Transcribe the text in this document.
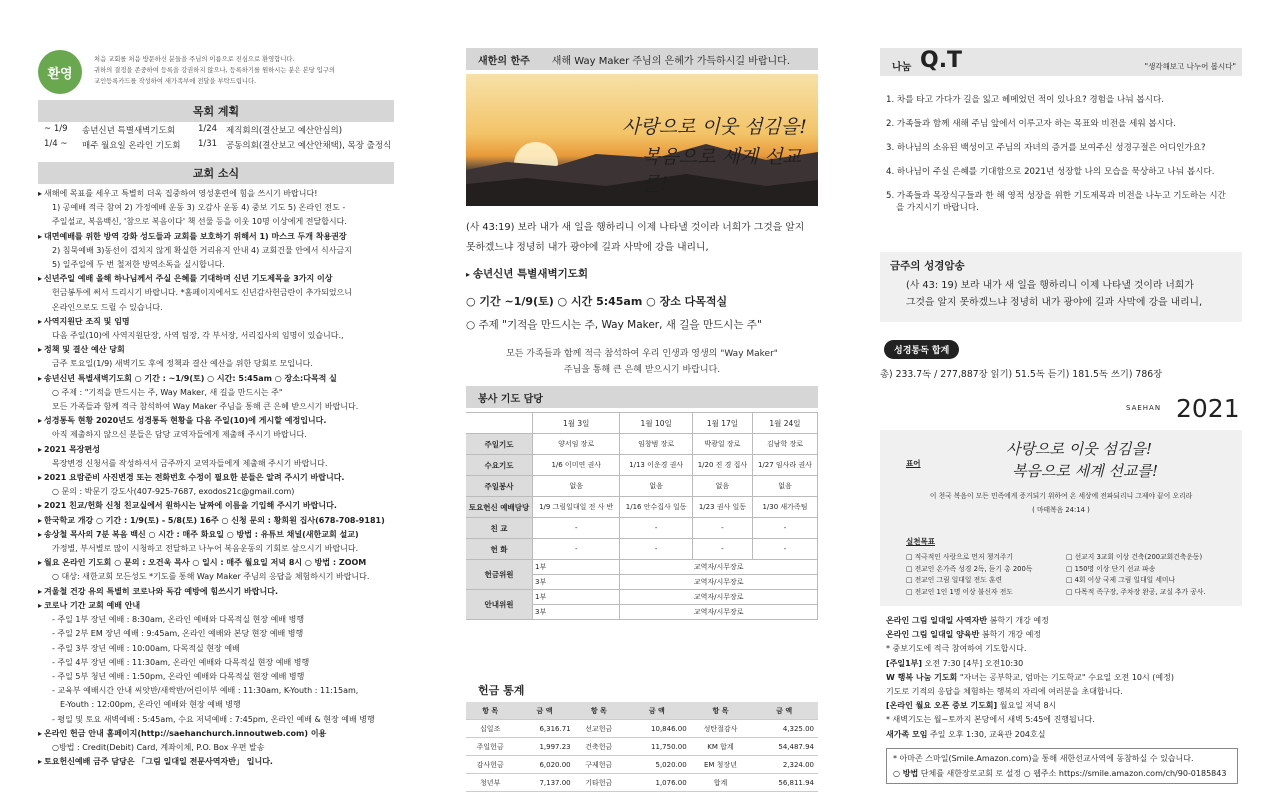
환영
처음 교회를 처음 방문하신 분들을 주님의 이름으로 진심으로 환영합니다.
귀하의 결정을 존중하여 등록을 강권하지 않으나, 등록하기를 원하시는 분은 본당 입구의
교인등록카드를 작성하여 새가족부에 전달을 부탁드립니다.
목회 계획
~ 1/9	송년신년 특별새벽기도회	1/24	제직회의(결산보고 예산안심의)
1/4 ~	매주 월요일 온라인 기도회	1/31	공동의회(결산보고 예산안채택), 목장 출정식
교회 소식
▸ 새해에 목표를 세우고 특별히 더욱 집중하여 영성훈련에 힘을 쓰시기 바랍니다!
1) 공예배 적극 참여 2) 가정예배 운동 3) 오감사 운동 4) 중보 기도 5) 온라인 전도 -
주일설교, 복음백신, '참으로 복음이다' 책 선물 등을 이웃 10명 이상에게 전달합시다.
▸ 대면예배를 위한 방역 강화 성도들과 교회를 보호하기 위해서 1) 마스크 두개 착용권장
2) 침묵예배 3)동선이 겹치지 않게 확실한 거리유지 안내 4) 교회건물 안에서 식사금지
5) 일주일에 두 번 철저한 방역소독을 실시합니다.
▸ 신년주일 예배 올해 하나님께서 주실 은혜를 기대하며 신년 기도제목을 3가지 이상
헌금봉투에 써서 드리시기 바랍니다. *홈페이지에서도 신년감사헌금란이 추가되었으니
온라인으로도 드릴 수 있습니다.
▸ 사역지원단 조직 및 임명
다음 주일(10)에 사역지원단장, 사역 팀장, 각 부서장, 서리집사의 임명이 있습니다.,
▸ 정책 및 결산 예산 당회
금주 토요일(1/9) 새벽기도 후에 정책과 결산 예산을 위한 당회로 모입니다.
▸ 송년신년 특별새벽기도회 ○ 기간 : ~1/9(토) ○ 시간: 5:45am ○ 장소:다목적 실
○ 주제 : "기적을 만드시는 주, Way Maker, 새 길을 만드시는 주"
모든 가족들과 함께 적극 참석하여 Way Maker 주님을 통해 큰 은혜 받으시기 바랍니다.
▸ 성경통독 현황 2020년도 성경통독 현황을 다음 주일(10)에 게시할 예정입니다.
아직 제출하지 않으신 분들은 담당 교역자들에게 제출해 주시기 바랍니다.
▸ 2021 목장편성
목장변경 신청서를 작성하셔서 금주까지 교역자들에게 제출해 주시기 바랍니다.
▸ 2021 요람준비 사진변경 또는 전화번호 수정이 필요한 분들은 알려 주시기 바랍니다.
○ 문의 : 박문기 강도사(407-925-7687, exodos21c@gmail.com)
▸ 2021 친교/헌화 신청 친교실에서 원하시는 날짜에 이름을 기입해 주시기 바랍니다.
▸ 한국학교 개강 ○ 기간 : 1/9(토) - 5/8(토) 16주 ○ 신청 문의 : 황희원 집사(678-708-9181)
▸ 송상철 목사의 7분 복음 백신 ○ 시간 : 매주 화요일 ○ 방법 : 유튜브 채널(새한교회 설교)
가정별, 부서별로 많이 시청하고 전달하고 나누어 복음운동의 기회로 삼으시기 바랍니다.
▸ 월요 온라인 기도회 ○ 문의 : 오건욱 목사 ○ 일시 : 매주 월요일 저녁 8시 ○ 방법 : ZOOM
○ 대상: 새한교회 모든성도 *기도를 통해 Way Maker 주님의 응답을 체험하시기 바랍니다.
▸ 겨울철 건강 유의 특별히 코로나와 독감 예방에 힘쓰시기 바랍니다.
▸ 코로나 기간 교회 예배 안내
- 주일 1부 장년 예배 : 8:30am, 온라인 예배와 다목적실 현장 예배 병행
- 주일 2부 EM 장년 예배 : 9:45am, 온라인 예배와 본당 현장 예배 병행
- 주일 3부 장년 예배 : 10:00am, 다목적실 현장 예배
- 주일 4부 장년 예배 : 11:30am, 온라인 예배와 다목적실 현장 예배 병행
- 주일 5부 청년 예배 : 1:50pm, 온라인 예배와 다목적실 현장 예배 병행
- 교육부 예배시간 안내 씨앗반/새싹반/어린이부 예배 : 11:30am, K-Youth : 11:15am,
E-Youth : 12:00pm, 온라인 예배와 현장 예배 병행
- 평일 및 토요 새벽예배 : 5:45am, 수요 저녁예배 : 7:45pm, 온라인 예배 & 현장 예배 병행
▸ 온라인 헌금 안내 홈페이지(http://saehanchurch.innoutweb.com) 이용
○방법 : Credit(Debit) Card, 계좌이체, P.O. Box 우편 발송
▸ 토요헌신예배 금주 담당은 「그림 일대일 전문사역자반」 입니다.
새한의 한주 새해 Way Maker 주님의 은혜가 가득하시길 바랍니다.
사랑으로 이웃 섬김을!
복음으로 세계 선교를!
(사 43:19) 보라 내가 새 일을 행하리니 이제 나타낼 것이라 너희가 그것을 알지
못하겠느냐 정녕히 내가 광야에 길과 사막에 강을 내리니,
▸ 송년신년 특별새벽기도회
○ 기간 ~1/9(토) ○ 시간 5:45am ○ 장소 다목적실
○ 주제 "기적을 만드시는 주, Way Maker, 새 길을 만드시는 주"
모든 가족들과 함께 적극 참석하여 우리 인생과 영생의 "Way Maker"
주님을 통해 큰 은혜 받으시기 바랍니다.
봉사 기도 담당
	1월 3일	1월 10일	1월 17일	1월 24일
주일기도	양서임 장로	임창범 장로	박광일 장로	김남학 장로
수요기도	1/6 이미연 권사	1/13 이운경 권사	1/20 진 경 집사	1/27 임사라 권사
주일봉사	없음	없음	없음	없음
토요헌신 예배담당	1/9 그림일대일 전 사 반	1/16 안수집사 일동	1/23 권사 일동	1/30 새가족팀
친 교	-	-	-	-
헌 화	-	-	-	-
헌금위원	1부	교역자/시무장로		
	3부	교역자/시무장로		
안내위원	1부	교역자/시무장로		
	3부	교역자/시무장로		
헌금 통계
항 목	금 액	항 목	금 액	항 목	금 액
십일조	6,316.71	선교헌금	10,846.00	성탄절감사	4,325.00
주일헌금	1,997.23	건축헌금	11,750.00	KM 합계	54,487.94
감사헌금	6,020.00	구제헌금	5,020.00	EM 청장년	2,324.00
청년부	7,137.00	기타헌금	1,076.00	합계	56,811.94
나눔 Q.T	"생각해보고 나누어 봅시다"
1. 차를 타고 가다가 길을 잃고 헤메었던 적이 있나요? 경험을 나눠 봅시다.
2. 가족들과 함께 새해 주님 앞에서 이루고자 하는 목표와 비전을 세워 봅시다.
3. 하나님의 소유된 백성이고 주님의 자녀의 증거를 보여주신 성경구절은 어디인가요?
4. 하나님이 주실 은혜를 기대함으로 2021년 성장할 나의 모습을 묵상하고 나눠 봅시다.
5. 가족들과 목장식구들과 한 해 영적 성장을 위한 기도제목과 비전을 나누고 기도하는 시간을 가지시기 바랍니다.
금주의 성경암송
(사 43: 19) 보라 내가 새 일을 행하리니 이제 나타낼 것이라 너희가
그것을 알지 못하겠느냐 정녕히 내가 광야에 길과 사막에 강을 내리니,
성경통독 합계
총) 233.7독 / 277,887장 읽기) 51.5독 듣기) 181.5독 쓰기) 786장
SAEHAN 2021
표어
사랑으로 이웃 섬김을!
복음으로 세계 선교를!
이 천국 복음이 모든 민족에게 증거되기 위하여 온 세상에 전파되리니 그제야 끝이 오리라
( 마태복음 24:14 )
실천목표
□ 적극적인 사랑으로 먼저 챙겨주기
□ 전교인 온가족 성경 2독, 듣기 총 200독
□ 전교인 그림 일대일 전도 훈련
□ 전교인 1인 1명 이상 불신자 전도
□ 선교지 3교회 이상 건축(200교회건축운동)
□ 150명 이상 단기 선교 파송
□ 4회 이상 국제 그림 일대일 세미나
□ 다목적 족구장, 주차장 완공, 교실 추가 공사.
온라인 그림 일대일 사역자반 봄학기 개강 예정
온라인 그림 일대일 양육반 봄학기 개강 예정
* 중보기도에 적극 참여하여 기도합시다.
[주일1부] 오전 7:30 [4부] 오전10:30
W 행복 나눔 기도회 "자녀는 공부학교, 엄마는 기도학교" 수요일 오전 10시 (예정)
기도로 기적의 응답을 체험하는 행복의 자리에 여러분을 초대합니다.
[온라인 월요 오픈 중보 기도회] 월요일 저녁 8시
* 새벽기도는 월~토까지 본당에서 새벽 5:45에 진행됩니다.
새가족 모임 주일 오후 1:30, 교육관 204호실
* 아마존 스마일(Smile.Amazon.com)을 통해 새한선교사역에 동참하실 수 있습니다.
○ 방법 단체를 새한장로교회 로 설정 ○ 웹주소 https://smile.amazon.com/ch/90-0185843
